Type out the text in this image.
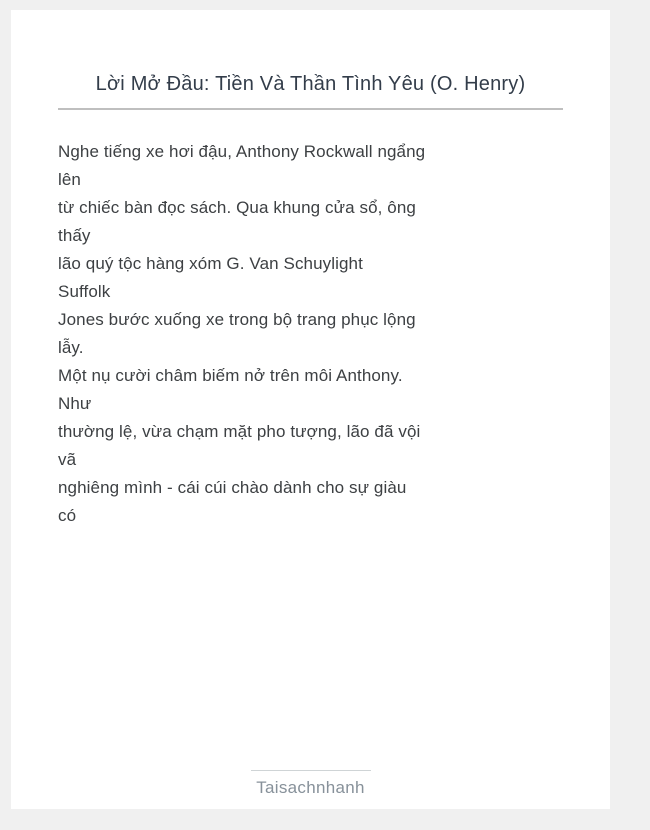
Lời Mở Đầu: Tiền Và Thần Tình Yêu (O. Henry)
Nghe tiếng xe hơi đậu, Anthony Rockwall ngẩng
lên
từ chiếc bàn đọc sách. Qua khung cửa sổ, ông
thấy
lão quý tộc hàng xóm G. Van Schuylight
Suffolk
Jones bước xuống xe trong bộ trang phục lộng
lẫy.
Một nụ cười châm biếm nở trên môi Anthony.
Như
thường lệ, vừa chạm mặt pho tượng, lão đã vội
vã
nghiêng mình - cái cúi chào dành cho sự giàu
có
Taisachnhanh
